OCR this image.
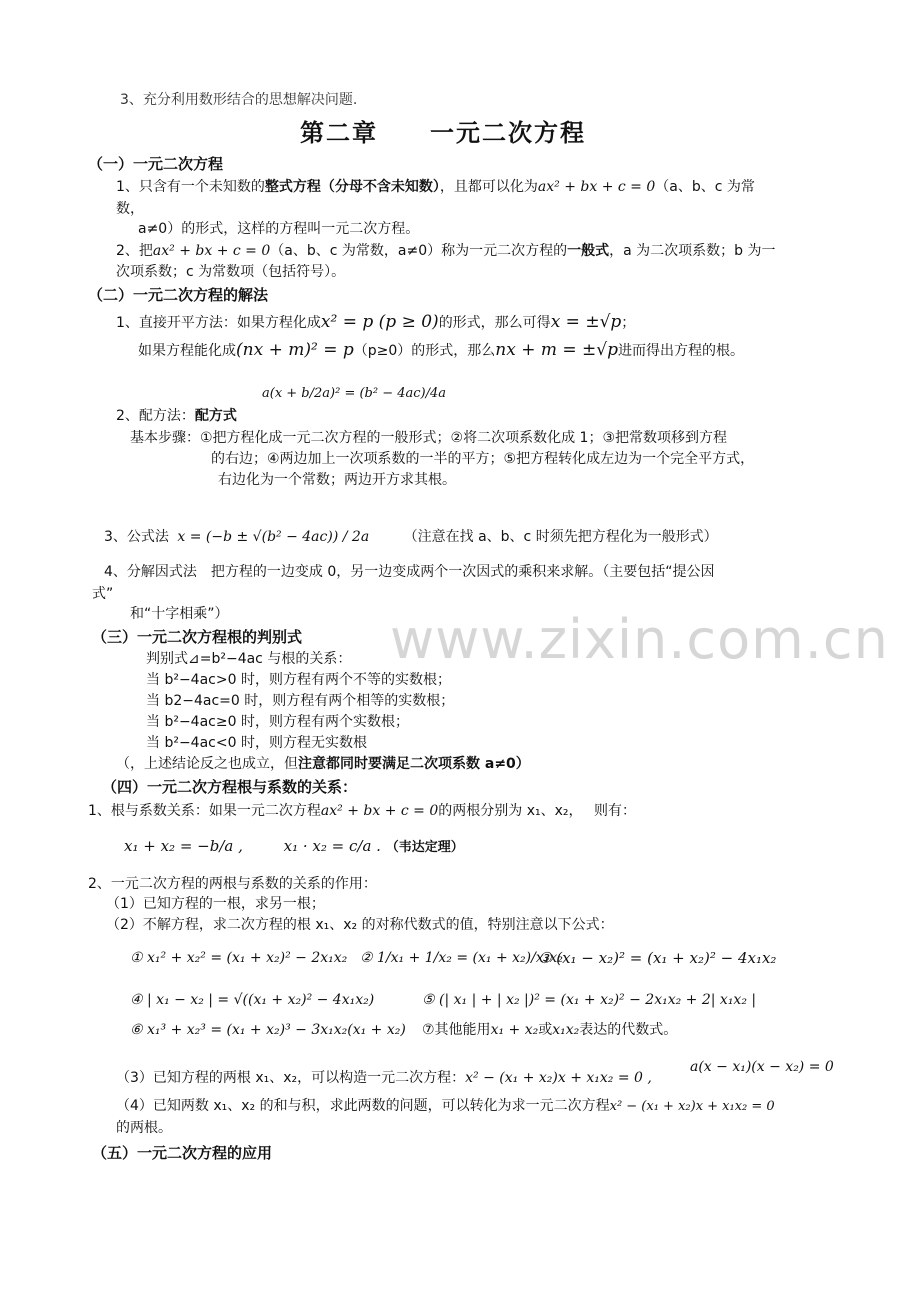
3、充分利用数形结合的思想解决问题.
第二章　　一元二次方程
（一）一元二次方程
1、只含有一个未知数的整式方程（分母不含未知数），且都可以化为ax² + bx + c = 0（a、b、c 为常
数，
a≠0）的形式，这样的方程叫一元二次方程。
2、把ax² + bx + c = 0（a、b、c 为常数，a≠0）称为一元二次方程的一般式，a 为二次项系数；b 为一
次项系数；c 为常数项（包括符号）。
（二）一元二次方程的解法
1、直接开平方法：如果方程化成x² = p (p ≥ 0)的形式，那么可得x = ±√p；
如果方程能化成(nx + m)² = p（p≥0）的形式，那么nx + m = ±√p进而得出方程的根。
a(x + b/2a)² = (b² − 4ac)/4a
2、配方法：配方式
基本步骤：①把方程化成一元二次方程的一般形式；②将二次项系数化成 1；③把常数项移到方程
的右边；④两边加上一次项系数的一半的平方；⑤把方程转化成左边为一个完全平方式，
右边化为一个常数；两边开方求其根。
3、公式法 x = (−b ± √(b² − 4ac)) / 2a （注意在找 a、b、c 时须先把方程化为一般形式）
4、分解因式法　把方程的一边变成 0，另一边变成两个一次因式的乘积来求解。（主要包括“提公因
式”
和“十字相乘”）	www.zixin.com.cn
（三）一元二次方程根的判别式
判别式⊿=b²−4ac 与根的关系：
当 b²−4ac>0 时，则方程有两个不等的实数根；
当 b2−4ac=0 时，则方程有两个相等的实数根；
当 b²−4ac≥0 时，则方程有两个实数根；
当 b²−4ac<0 时，则方程无实数根
（，上述结论反之也成立，但注意都同时要满足二次项系数 a≠0）
（四）一元二次方程根与系数的关系：
1、根与系数关系：如果一元二次方程ax² + bx + c = 0的两根分别为 x₁、x₂，　 则有：
x₁ + x₂ = −b/a ,	x₁ · x₂ = c/a . （韦达定理）
2、一元二次方程的两根与系数的关系的作用：
（1）已知方程的一根，求另一根；
（2）不解方程，求二次方程的根 x₁、x₂ 的对称代数式的值，特别注意以下公式：
① x₁² + x₂² = (x₁ + x₂)² − 2x₁x₂ ② 1/x₁ + 1/x₂ = (x₁ + x₂)/x₁x₂
③ (x₁ − x₂)² = (x₁ + x₂)² − 4x₁x₂
④ | x₁ − x₂ | = √((x₁ + x₂)² − 4x₁x₂)	⑤ (| x₁ | + | x₂ |)² = (x₁ + x₂)² − 2x₁x₂ + 2| x₁x₂ |
⑥ x₁³ + x₂³ = (x₁ + x₂)³ − 3x₁x₂(x₁ + x₂) ⑦其他能用x₁ + x₂或x₁x₂表达的代数式。
a(x − x₁)(x − x₂) = 0
（3）已知方程的两根 x₁、x₂，可以构造一元二次方程：x² − (x₁ + x₂)x + x₁x₂ = 0 ,
（4）已知两数 x₁、x₂ 的和与积，求此两数的问题，可以转化为求一元二次方程x² − (x₁ + x₂)x + x₁x₂ = 0
的两根。
（五）一元二次方程的应用
